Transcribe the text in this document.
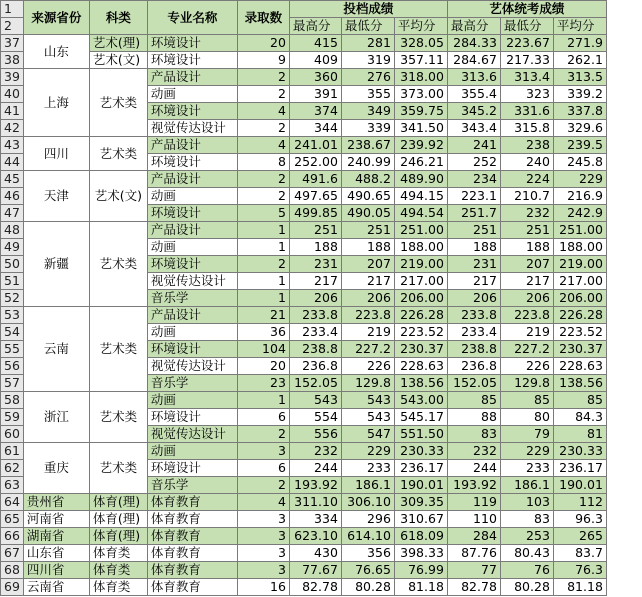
1	来源省份	科类	专业名称	录取数	投档成绩			艺体统考成绩		
2					最高分	最低分	平均分	最高分	最低分	平均分
37	山东	艺术(理)	环境设计	20	415	281	328.05	284.33	223.67	271.9
38		艺术(文)	环境设计	9	409	319	357.11	284.67	217.33	262.1
39	上海	艺术类	产品设计	2	360	276	318.00	313.6	313.4	313.5
40			动画	2	391	355	373.00	355.4	323	339.2
41			环境设计	4	374	349	359.75	345.2	331.6	337.8
42			视觉传达设计	2	344	339	341.50	343.4	315.8	329.6
43	四川	艺术类	产品设计	4	241.01	238.67	239.92	241	238	239.5
44			环境设计	8	252.00	240.99	246.21	252	240	245.8
45	天津	艺术(文)	产品设计	2	491.6	488.2	489.90	234	224	229
46			动画	2	497.65	490.65	494.15	223.1	210.7	216.9
47			环境设计	5	499.85	490.05	494.54	251.7	232	242.9
48	新疆	艺术类	产品设计	1	251	251	251.00	251	251	251.00
49			动画	1	188	188	188.00	188	188	188.00
50			环境设计	2	231	207	219.00	231	207	219.00
51			视觉传达设计	1	217	217	217.00	217	217	217.00
52			音乐学	1	206	206	206.00	206	206	206.00
53	云南	艺术类	产品设计	21	233.8	223.8	226.28	233.8	223.8	226.28
54			动画	36	233.4	219	223.52	233.4	219	223.52
55			环境设计	104	238.8	227.2	230.37	238.8	227.2	230.37
56			视觉传达设计	20	236.8	226	228.63	236.8	226	228.63
57			音乐学	23	152.05	129.8	138.56	152.05	129.8	138.56
58	浙江	艺术类	动画	1	543	543	543.00	85	85	85
59			环境设计	6	554	543	545.17	88	80	84.3
60			视觉传达设计	2	556	547	551.50	83	79	81
61	重庆	艺术类	动画	3	232	229	230.33	232	229	230.33
62			环境设计	6	244	233	236.17	244	233	236.17
63			音乐学	2	193.92	186.1	190.01	193.92	186.1	190.01
64	贵州省	体育(理)	体育教育	4	311.10	306.10	309.35	119	103	112
65	河南省	体育(理)	体育教育	3	334	296	310.67	110	83	96.3
66	湖南省	体育(理)	体育教育	3	623.10	614.10	618.09	284	253	265
67	山东省	体育类	体育教育	3	430	356	398.33	87.76	80.43	83.7
68	四川省	体育类	体育教育	3	77.67	76.65	76.99	77	76	76.3
69	云南省	体育类	体育教育	16	82.78	80.28	81.18	82.78	80.28	81.18
